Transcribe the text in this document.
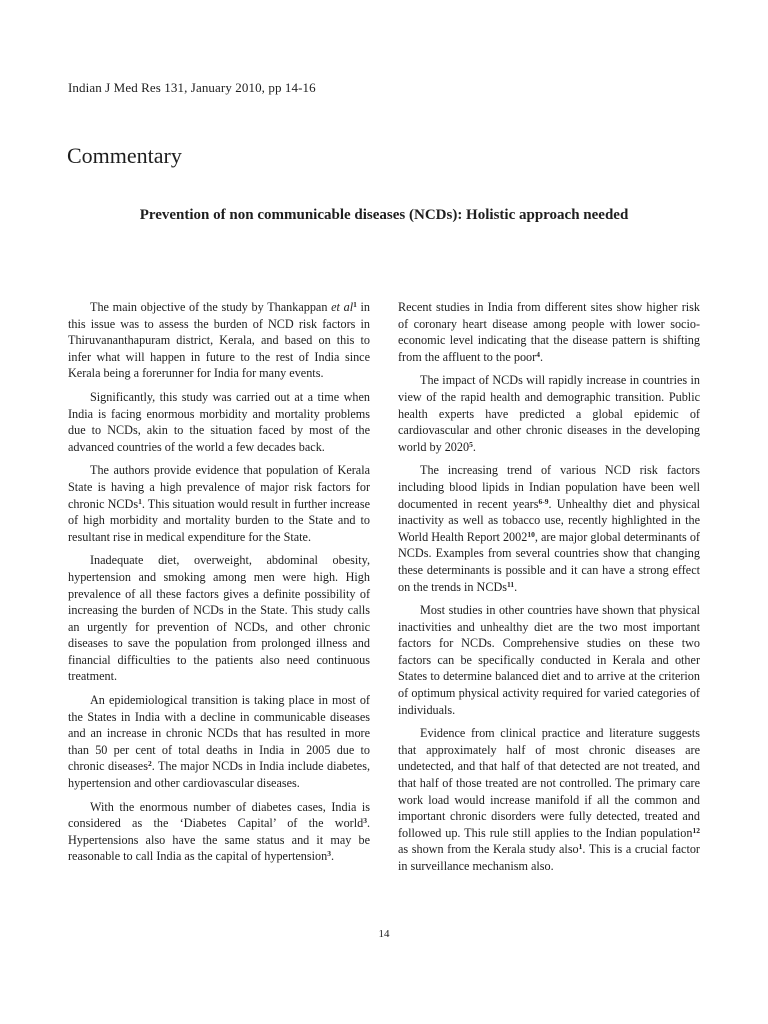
Indian J Med Res 131, January 2010, pp 14-16
Commentary
Prevention of non communicable diseases (NCDs): Holistic approach needed

The main objective of the study by Thankappan et $al^1$ in this issue was to assess the burden of NCD risk factors in Thiruvananthapuram district, Kerala, and based on this to infer what will happen in future to the rest of India since Kerala being a forerunner for India for many events.

Significantly, this study was carried out at a time when India is facing enormous morbidity and mortality problems due to NCDs, akin to the situation faced by most of the advanced countries of the world a few decades back.

The authors provide evidence that population of Kerala State is having a high prevalence of major risk factors for chronic NCDs$^1$. This situation would result in further increase of high morbidity and mortality burden to the State and to resultant rise in medical expenditure for the State.

Inadequate diet, overweight, abdominal obesity, hypertension and smoking among men were high. High prevalence of all these factors gives a definite possibility of increasing the burden of NCDs in the State. This study calls an urgently for prevention of NCDs, and other chronic diseases to save the population from prolonged illness and financial difficulties to the patients also need continuous treatment.

An epidemiological transition is taking place in most of the States in India with a decline in communicable diseases and an increase in chronic NCDs that has resulted in more than 50 per cent of total deaths in India in 2005 due to chronic diseases$^2$. The major NCDs in India include diabetes, hypertension and other cardiovascular diseases.

With the enormous number of diabetes cases, India is considered as the ‘Diabetes Capital’ of the world$^3$. Hypertensions also have the same status and it may be reasonable to call India as the capital of hypertension$^3$.

Recent studies in India from different sites show higher risk of coronary heart disease among people with lower socio-economic level indicating that the disease pattern is shifting from the affluent to the poor$^4$.

The impact of NCDs will rapidly increase in countries in view of the rapid health and demographic transition. Public health experts have predicted a global epidemic of cardiovascular and other chronic diseases in the developing world by 2020$^5$.

The increasing trend of various NCD risk factors including blood lipids in Indian population have been well documented in recent years$^{6-9}$. Unhealthy diet and physical inactivity as well as tobacco use, recently highlighted in the World Health Report 2002$^{10}$, are major global determinants of NCDs. Examples from several countries show that changing these determinants is possible and it can have a strong effect on the trends in NCDs$^{11}$.

Most studies in other countries have shown that physical inactivities and unhealthy diet are the two most important factors for NCDs. Comprehensive studies on these two factors can be specifically conducted in Kerala and other States to determine balanced diet and to arrive at the criterion of optimum physical activity required for varied categories of individuals.

Evidence from clinical practice and literature suggests that approximately half of most chronic diseases are undetected, and that half of that detected are not treated, and that half of those treated are not controlled. The primary care work load would increase manifold if all the common and important chronic disorders were fully detected, treated and followed up. This rule still applies to the Indian population$^{12}$ as shown from the Kerala study also$^1$. This is a crucial factor in surveillance mechanism also.

14
